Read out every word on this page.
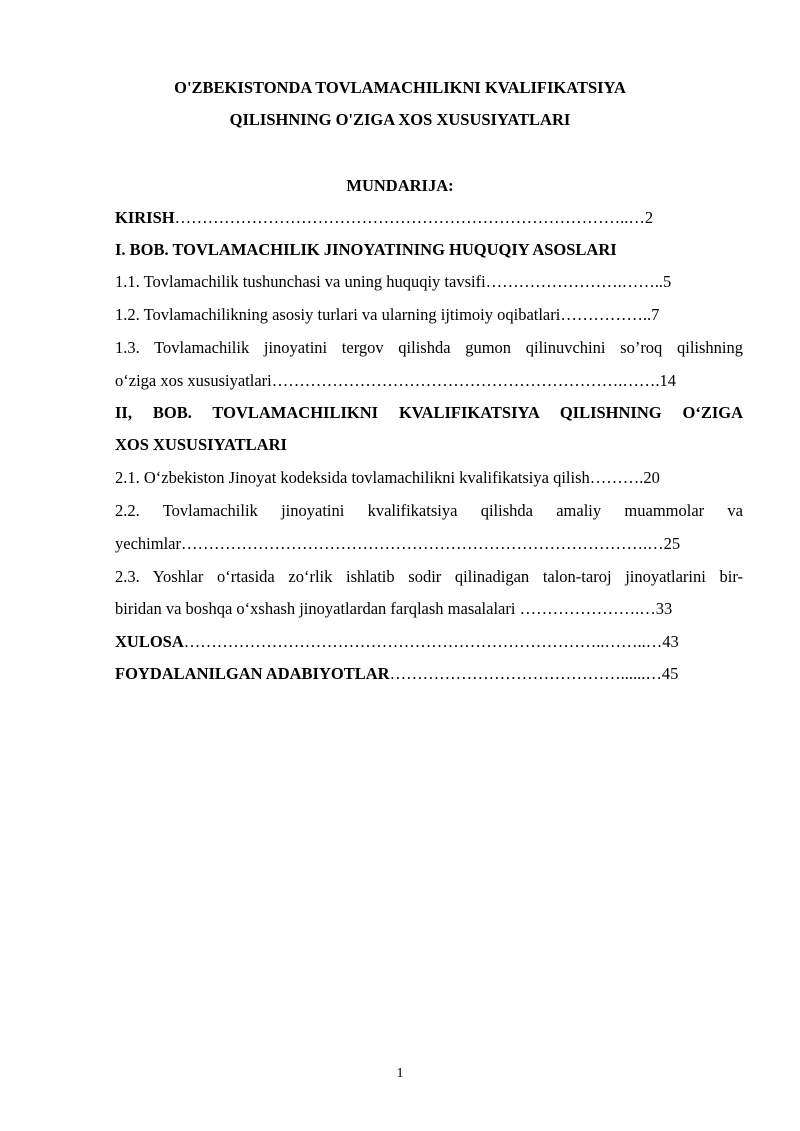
O'ZBEKISTONDA TOVLAMACHILIKNI KVALIFIKATSIYA
QILISHNING O'ZIGA XOS XUSUSIYATLARI
MUNDARIJA:
KIRISH………………………………………………………………………..…2
I. BOB. TOVLAMACHILIK JINOYATINING HUQUQIY ASOSLARI
1.1. Tovlamachilik tushunchasi va uning huquqiy tavsifi…………………….……..5
1.2. Tovlamachilikning asosiy turlari va ularning ijtimoiy oqibatlari……………..7
1.3. Tovlamachilik jinoyatini tergov qilishda gumon qilinuvchini so’roq qilishning
o‘ziga xos xususiyatlari……………………………………………………….…….14
II, BOB. TOVLAMACHILIKNI KVALIFIKATSIYA QILISHNING O‘ZIGA
XOS XUSUSIYATLARI
2.1. O‘zbekiston Jinoyat kodeksida tovlamachilikni kvalifikatsiya qilish……….20
2.2. Tovlamachilik jinoyatini kvalifikatsiya qilishda amaliy muammolar va
yechimlar………………………………………………………………………….…25
2.3. Yoshlar o‘rtasida zo‘rlik ishlatib sodir qilinadigan talon-taroj jinoyatlarini bir-
biridan va boshqa o‘xshash jinoyatlardan farqlash masalalari ………………….…33
XULOSA…………………………………………………………………..……..…43
FOYDALANILGAN ADABIYOTLAR……………………………………......…45
1
